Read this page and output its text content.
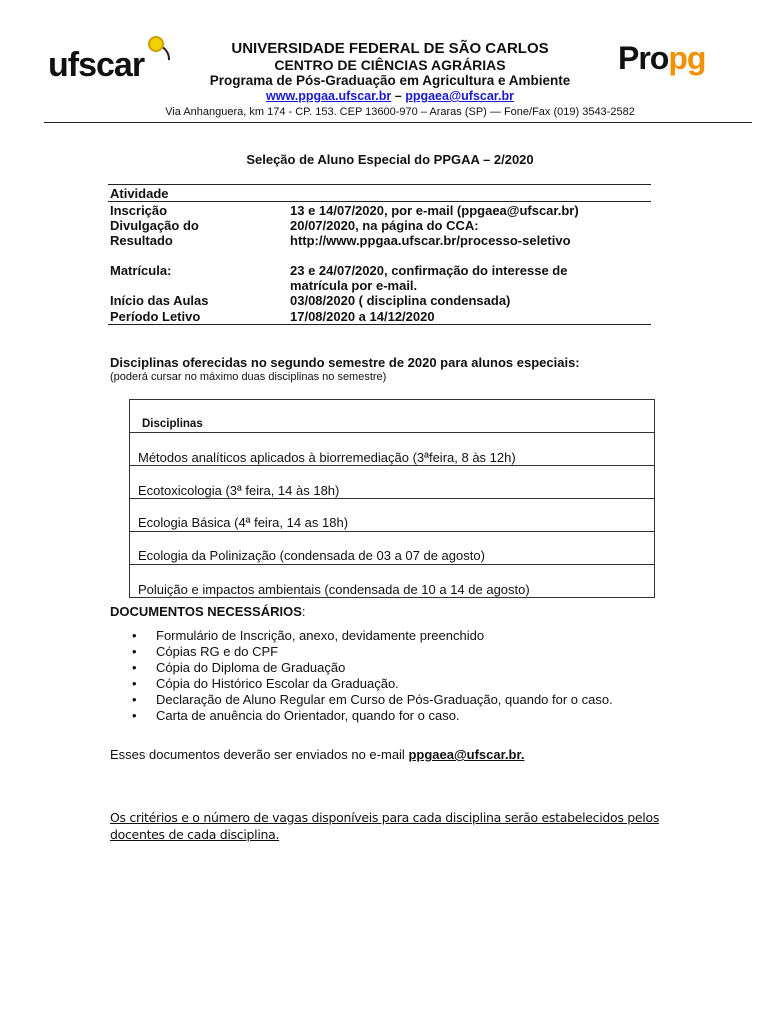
ufscar	Propg
UNIVERSIDADE FEDERAL DE SÃO CARLOS
CENTRO DE CIÊNCIAS AGRÁRIAS
Programa de Pós-Graduação em Agricultura e Ambiente
www.ppgaa.ufscar.br – ppgaea@ufscar.br
Via Anhanguera, km 174 - CP. 153. CEP 13600-970 – Araras (SP) — Fone/Fax (019) 3543-2582
Seleção de Aluno Especial do PPGAA – 2/2020
Atividade
Inscrição	13 e 14/07/2020, por e-mail (ppgaea@ufscar.br)
Divulgação do	20/07/2020, na página do CCA:
Resultado	http://www.ppgaa.ufscar.br/processo-seletivo
Matrícula:	23 e 24/07/2020, confirmação do interesse de
matrícula por e-mail.
Início das Aulas	03/08/2020 ( disciplina condensada)
Período Letivo	17/08/2020 a 14/12/2020
Disciplinas oferecidas no segundo semestre de 2020 para alunos especiais:
(poderá cursar no máximo duas disciplinas no semestre)
Disciplinas
Métodos analíticos aplicados à biorremediação (3ªfeira, 8 às 12h)
Ecotoxicologia (3ª feira, 14 às 18h)
Ecologia Básica (4ª feira, 14 as 18h)
Ecologia da Polinização (condensada de 03 a 07 de agosto)
Poluição e impactos ambientais (condensada de 10 a 14 de agosto)
DOCUMENTOS NECESSÁRIOS:
• Formulário de Inscrição, anexo, devidamente preenchido
• Cópias RG e do CPF
• Cópia do Diploma de Graduação
• Cópia do Histórico Escolar da Graduação.
• Declaração de Aluno Regular em Curso de Pós-Graduação, quando for o caso.
• Carta de anuência do Orientador, quando for o caso.
Esses documentos deverão ser enviados no e-mail ppgaea@ufscar.br.
Os critérios e o número de vagas disponíveis para cada disciplina serão estabelecidos pelos docentes de cada disciplina.
